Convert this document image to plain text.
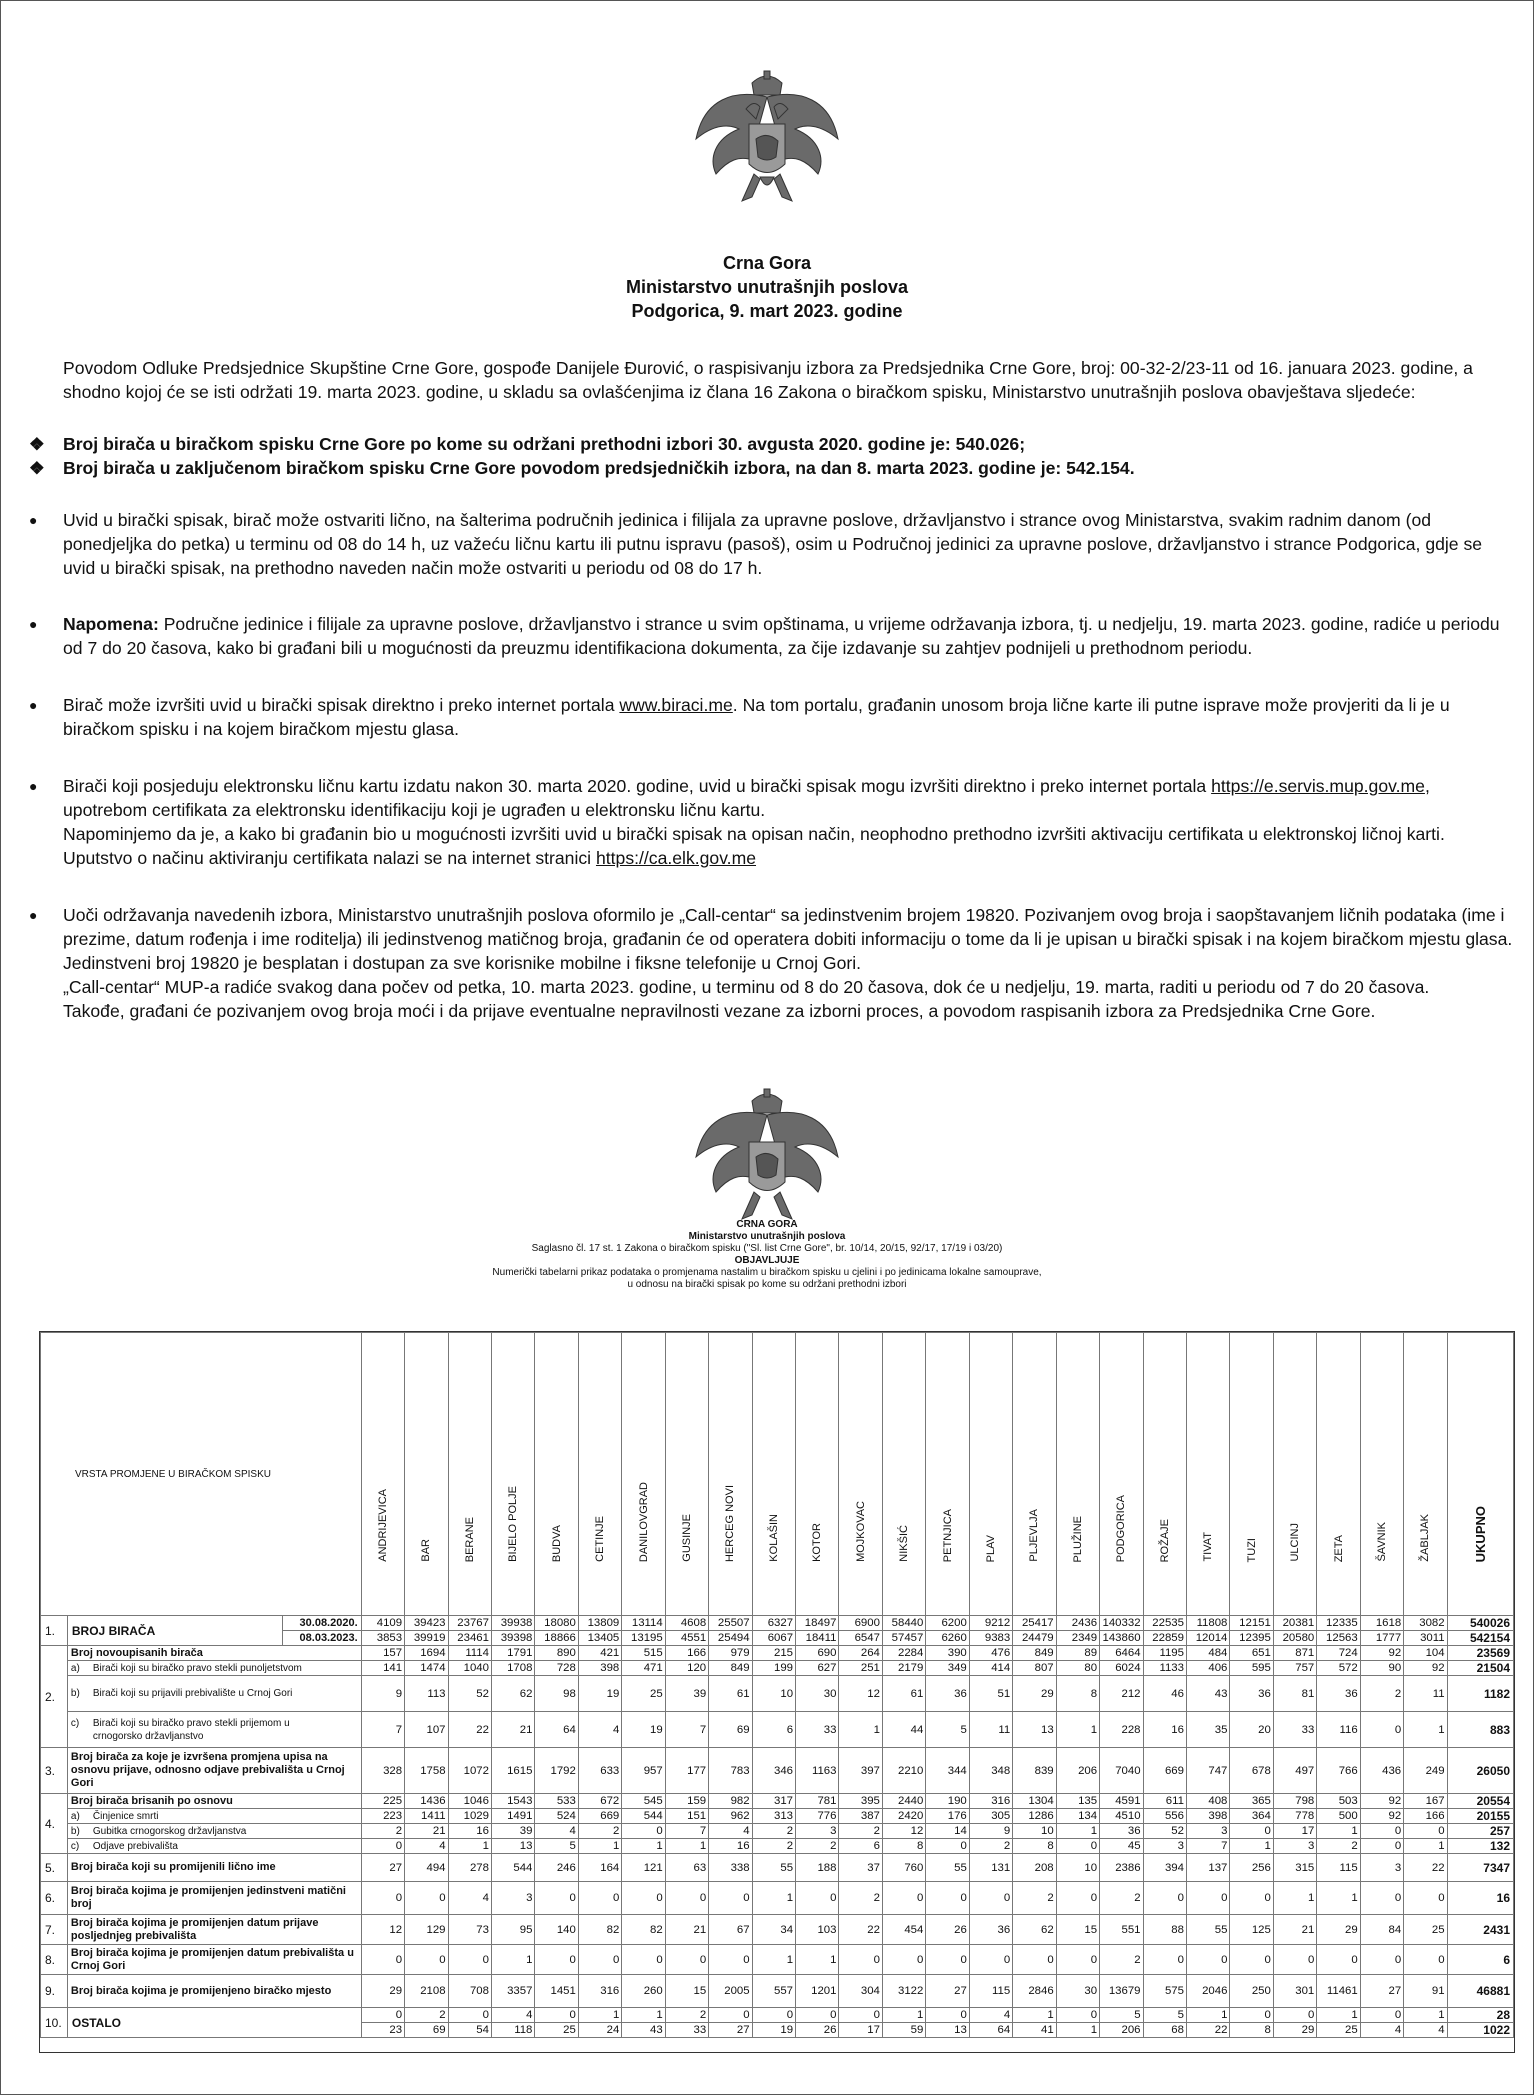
Crna Gora
Ministarstvo unutrašnjih poslova
Podgorica, 9. mart 2023. godine
Povodom Odluke Predsjednice Skupštine Crne Gore, gospođe Danijele Đurović, o raspisivanju izbora za Predsjednika Crne Gore, broj: 00-32-2/23-11 od 16. januara 2023. godine, a shodno kojoj će se isti održati 19. marta 2023. godine, u skladu sa ovlašćenjima iz člana 16 Zakona o biračkom spisku, Ministarstvo unutrašnjih poslova obavještava sljedeće:
❖	Broj birača u biračkom spisku Crne Gore po kome su održani prethodni izbori 30. avgusta 2020. godine je: 540.026;
❖	Broj birača u zaključenom biračkom spisku Crne Gore povodom predsjedničkih izbora, na dan 8. marta 2023. godine je: 542.154.
● Uvid u birački spisak, birač može ostvariti lično, na šalterima područnih jedinica i filijala za upravne poslove, državljanstvo i strance ovog Ministarstva, svakim radnim danom (od ponedjeljka do petka) u terminu od 08 do 14 h, uz važeću ličnu kartu ili putnu ispravu (pasoš), osim u Područnoj jedinici za upravne poslove, državljanstvo i strance Podgorica, gdje se uvid u birački spisak, na prethodno naveden način može ostvariti u periodu od 08 do 17 h.
● Napomena: Područne jedinice i filijale za upravne poslove, državljanstvo i strance u svim opštinama, u vrijeme održavanja izbora, tj. u nedjelju, 19. marta 2023. godine, radiće u periodu od 7 do 20 časova, kako bi građani bili u mogućnosti da preuzmu identifikaciona dokumenta, za čije izdavanje su zahtjev podnijeli u prethodnom periodu.
● Birač može izvršiti uvid u birački spisak direktno i preko internet portala www.biraci.me. Na tom portalu, građanin unosom broja lične karte ili putne isprave može provjeriti da li je u biračkom spisku i na kojem biračkom mjestu glasa.
● Birači koji posjeduju elektronsku ličnu kartu izdatu nakon 30. marta 2020. godine, uvid u birački spisak mogu izvršiti direktno i preko internet portala https://e.servis.mup.gov.me, upotrebom certifikata za elektronsku identifikaciju koji je ugrađen u elektronsku ličnu kartu.
Napominjemo da je, a kako bi građanin bio u mogućnosti izvršiti uvid u birački spisak na opisan način, neophodno prethodno izvršiti aktivaciju certifikata u elektronskoj ličnoj karti. Uputstvo o načinu aktiviranju certifikata nalazi se na internet stranici https://ca.elk.gov.me
● Uoči održavanja navedenih izbora, Ministarstvo unutrašnjih poslova oformilo je „Call-centar“ sa jedinstvenim brojem 19820. Pozivanjem ovog broja i saopštavanjem ličnih podataka (ime i prezime, datum rođenja i ime roditelja) ili jedinstvenog matičnog broja, građanin će od operatera dobiti informaciju o tome da li je upisan u birački spisak i na kojem biračkom mjestu glasa. Jedinstveni broj 19820 je besplatan i dostupan za sve korisnike mobilne i fiksne telefonije u Crnoj Gori.
„Call-centar“ MUP-a radiće svakog dana počev od petka, 10. marta 2023. godine, u terminu od 8 do 20 časova, dok će u nedjelju, 19. marta, raditi u periodu od 7 do 20 časova.
Takođe, građani će pozivanjem ovog broja moći i da prijave eventualne nepravilnosti vezane za izborni proces, a povodom raspisanih izbora za Predsjednika Crne Gore.
CRNA GORA
Ministarstvo unutrašnjih poslova
Saglasno čl. 17 st. 1 Zakona o biračkom spisku ("Sl. list Crne Gore", br. 10/14, 20/15, 92/17, 17/19 i 03/20)
OBJAVLJUJE
Numerički tabelarni prikaz podataka o promjenama nastalim u biračkom spisku u cjelini i po jedinicama lokalne samouprave,
u odnosu na birački spisak po kome su održani prethodni izbori
VRSTA PROMJENE U BIRAČKOM SPISKU			ANDRIJEVICA	BAR	BERANE	BIJELO POLJE	BUDVA	CETINJE	DANILOVGRAD	GUSINJE	HERCEG NOVI	KOLAŠIN	KOTOR	MOJKOVAC	NIKŠIĆ	PETNJICA	PLAV	PLJEVLJA	PLUŽINE	PODGORICA	ROŽAJE	TIVAT	TUZI	ULCINJ	ZETA	ŠAVNIK	ŽABLJAK	UKUPNO
1.	BROJ BIRAČA	30.08.2020.	4109	39423	23767	39938	18080	13809	13114	4608	25507	6327	18497	6900	58440	6200	9212	25417	2436	140332	22535	11808	12151	20381	12335	1618	3082	540026
		08.03.2023.	3853	39919	23461	39398	18866	13405	13195	4551	25494	6067	18411	6547	57457	6260	9383	24479	2349	143860	22859	12014	12395	20580	12563	1777	3011	542154
2.	Broj novoupisanih birača		157	1694	1114	1791	890	421	515	166	979	215	690	264	2284	390	476	849	89	6464	1195	484	651	871	724	92	104	23569
	a) Birači koji su biračko pravo stekli punoljetstvom		141	1474	1040	1708	728	398	471	120	849	199	627	251	2179	349	414	807	80	6024	1133	406	595	757	572	90	92	21504
	b) Birači koji su prijavili prebivalište u Crnoj Gori		9	113	52	62	98	19	25	39	61	10	30	12	61	36	51	29	8	212	46	43	36	81	36	2	11	1182
	c) Birači koji su biračko pravo stekli prijemom u crnogorsko državljanstvo		7	107	22	21	64	4	19	7	69	6	33	1	44	5	11	13	1	228	16	35	20	33	116	0	1	883
3.	Broj birača za koje je izvršena promjena upisa na osnovu prijave, odnosno odjave prebivališta u Crnoj Gori		328	1758	1072	1615	1792	633	957	177	783	346	1163	397	2210	344	348	839	206	7040	669	747	678	497	766	436	249	26050
4.	Broj birača brisanih po osnovu		225	1436	1046	1543	533	672	545	159	982	317	781	395	2440	190	316	1304	135	4591	611	408	365	798	503	92	167	20554
	a) Činjenice smrti		223	1411	1029	1491	524	669	544	151	962	313	776	387	2420	176	305	1286	134	4510	556	398	364	778	500	92	166	20155
	b) Gubitka crnogorskog državljanstva		2	21	16	39	4	2	0	7	4	2	3	2	12	14	9	10	1	36	52	3	0	17	1	0	0	257
	c) Odjave prebivališta		0	4	1	13	5	1	1	1	16	2	2	6	8	0	2	8	0	45	3	7	1	3	2	0	1	132
5.	Broj birača koji su promijenili lično ime		27	494	278	544	246	164	121	63	338	55	188	37	760	55	131	208	10	2386	394	137	256	315	115	3	22	7347
6.	Broj birača kojima je promijenjen jedinstveni matični broj		0	0	4	3	0	0	0	0	0	1	0	2	0	0	0	2	0	2	0	0	0	1	1	0	0	16
7.	Broj birača kojima je promijenjen datum prijave posljednjeg prebivališta		12	129	73	95	140	82	82	21	67	34	103	22	454	26	36	62	15	551	88	55	125	21	29	84	25	2431
8.	Broj birača kojima je promijenjen datum prebivališta u Crnoj Gori		0	0	0	1	0	0	0	0	0	1	1	0	0	0	0	0	0	2	0	0	0	0	0	0	0	6
9.	Broj birača kojima je promijenjeno biračko mjesto		29	2108	708	3357	1451	316	260	15	2005	557	1201	304	3122	27	115	2846	30	13679	575	2046	250	301	11461	27	91	46881
10.	OSTALO		0	2	0	4	0	1	1	2	0	0	0	0	1	0	4	1	0	5	5	1	0	0	1	0	1	28
			23	69	54	118	25	24	43	33	27	19	26	17	59	13	64	41	1	206	68	22	8	29	25	4	4	1022
